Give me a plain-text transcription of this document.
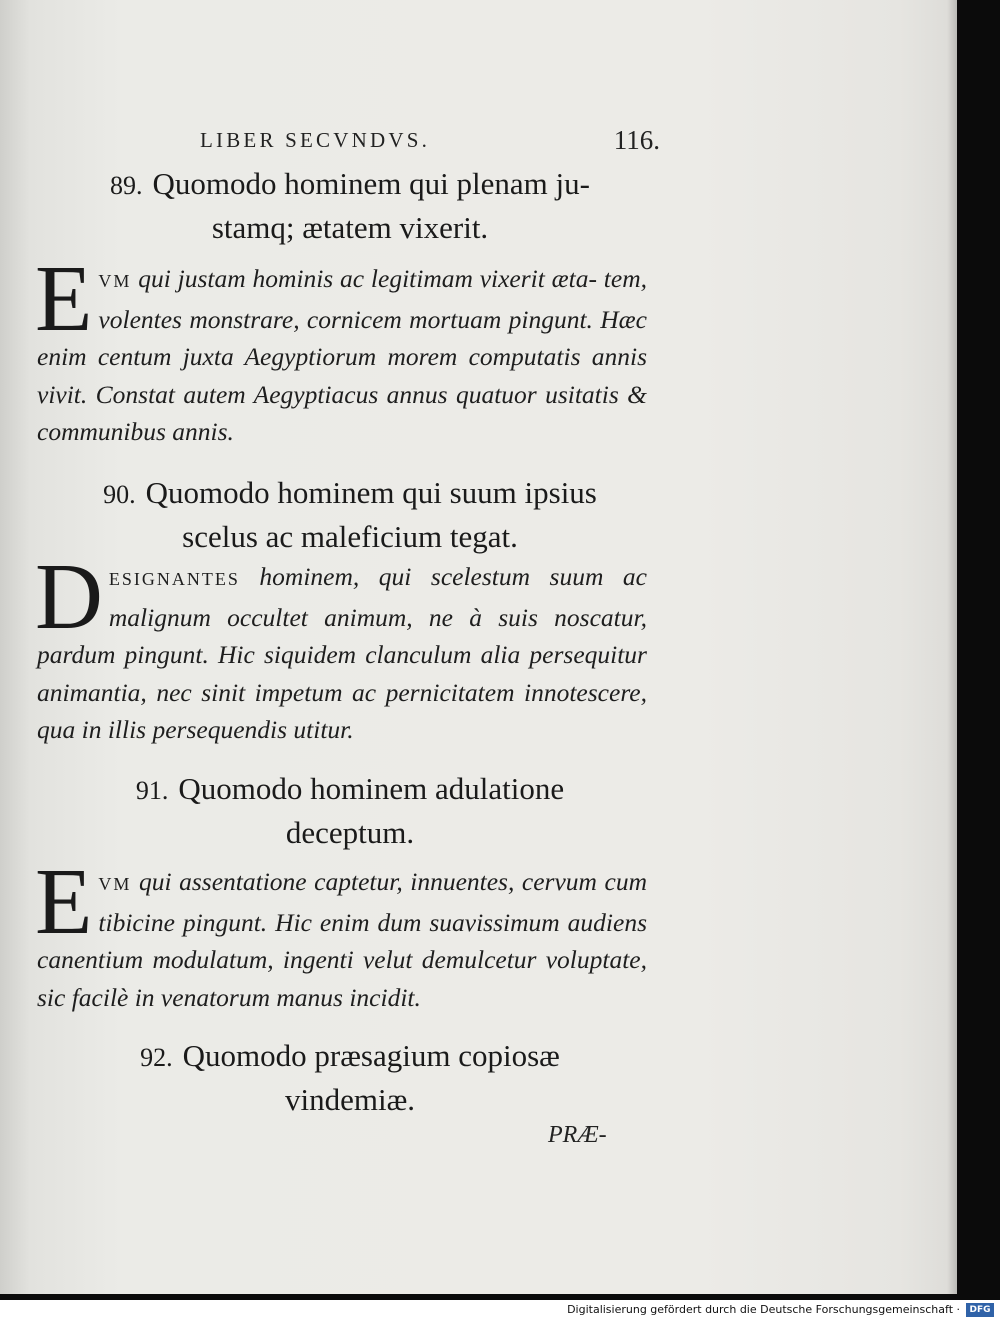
LIBER SECVNDVS.	116.
89. Quomodo hominem qui plenam ju-
stamq; ætatem vixerit.

EVM qui justam hominis ac legitimam vixerit æta- tem, volentes monstrare, cornicem mortuam pingunt. Hæc enim centum juxta Aegyptiorum morem computatis annis vivit. Constat autem Aegyptiacus annus quatuor usitatis & communibus annis.

90. Quomodo hominem qui suum ipsius
scelus ac maleficium tegat.

DESIGNANTES hominem, qui scelestum suum ac malignum occultet animum, ne à suis noscatur, pardum pingunt. Hic siquidem clanculum alia persequitur animantia, nec sinit impetum ac pernicitatem innotescere, qua in illis persequendis utitur.

91. Quomodo hominem adulatione
deceptum.

EVM qui assentatione captetur, innuentes, cervum cum tibicine pingunt. Hic enim dum suavissimum audiens canentium modulatum, ingenti velut demulcetur voluptate, sic facilè in venatorum manus incidit.

92. Quomodo præsagium copiosæ
vindemiæ.
PRÆ-
Digitalisierung gefördert durch die Deutsche Forschungsgemeinschaft ·	DFG
